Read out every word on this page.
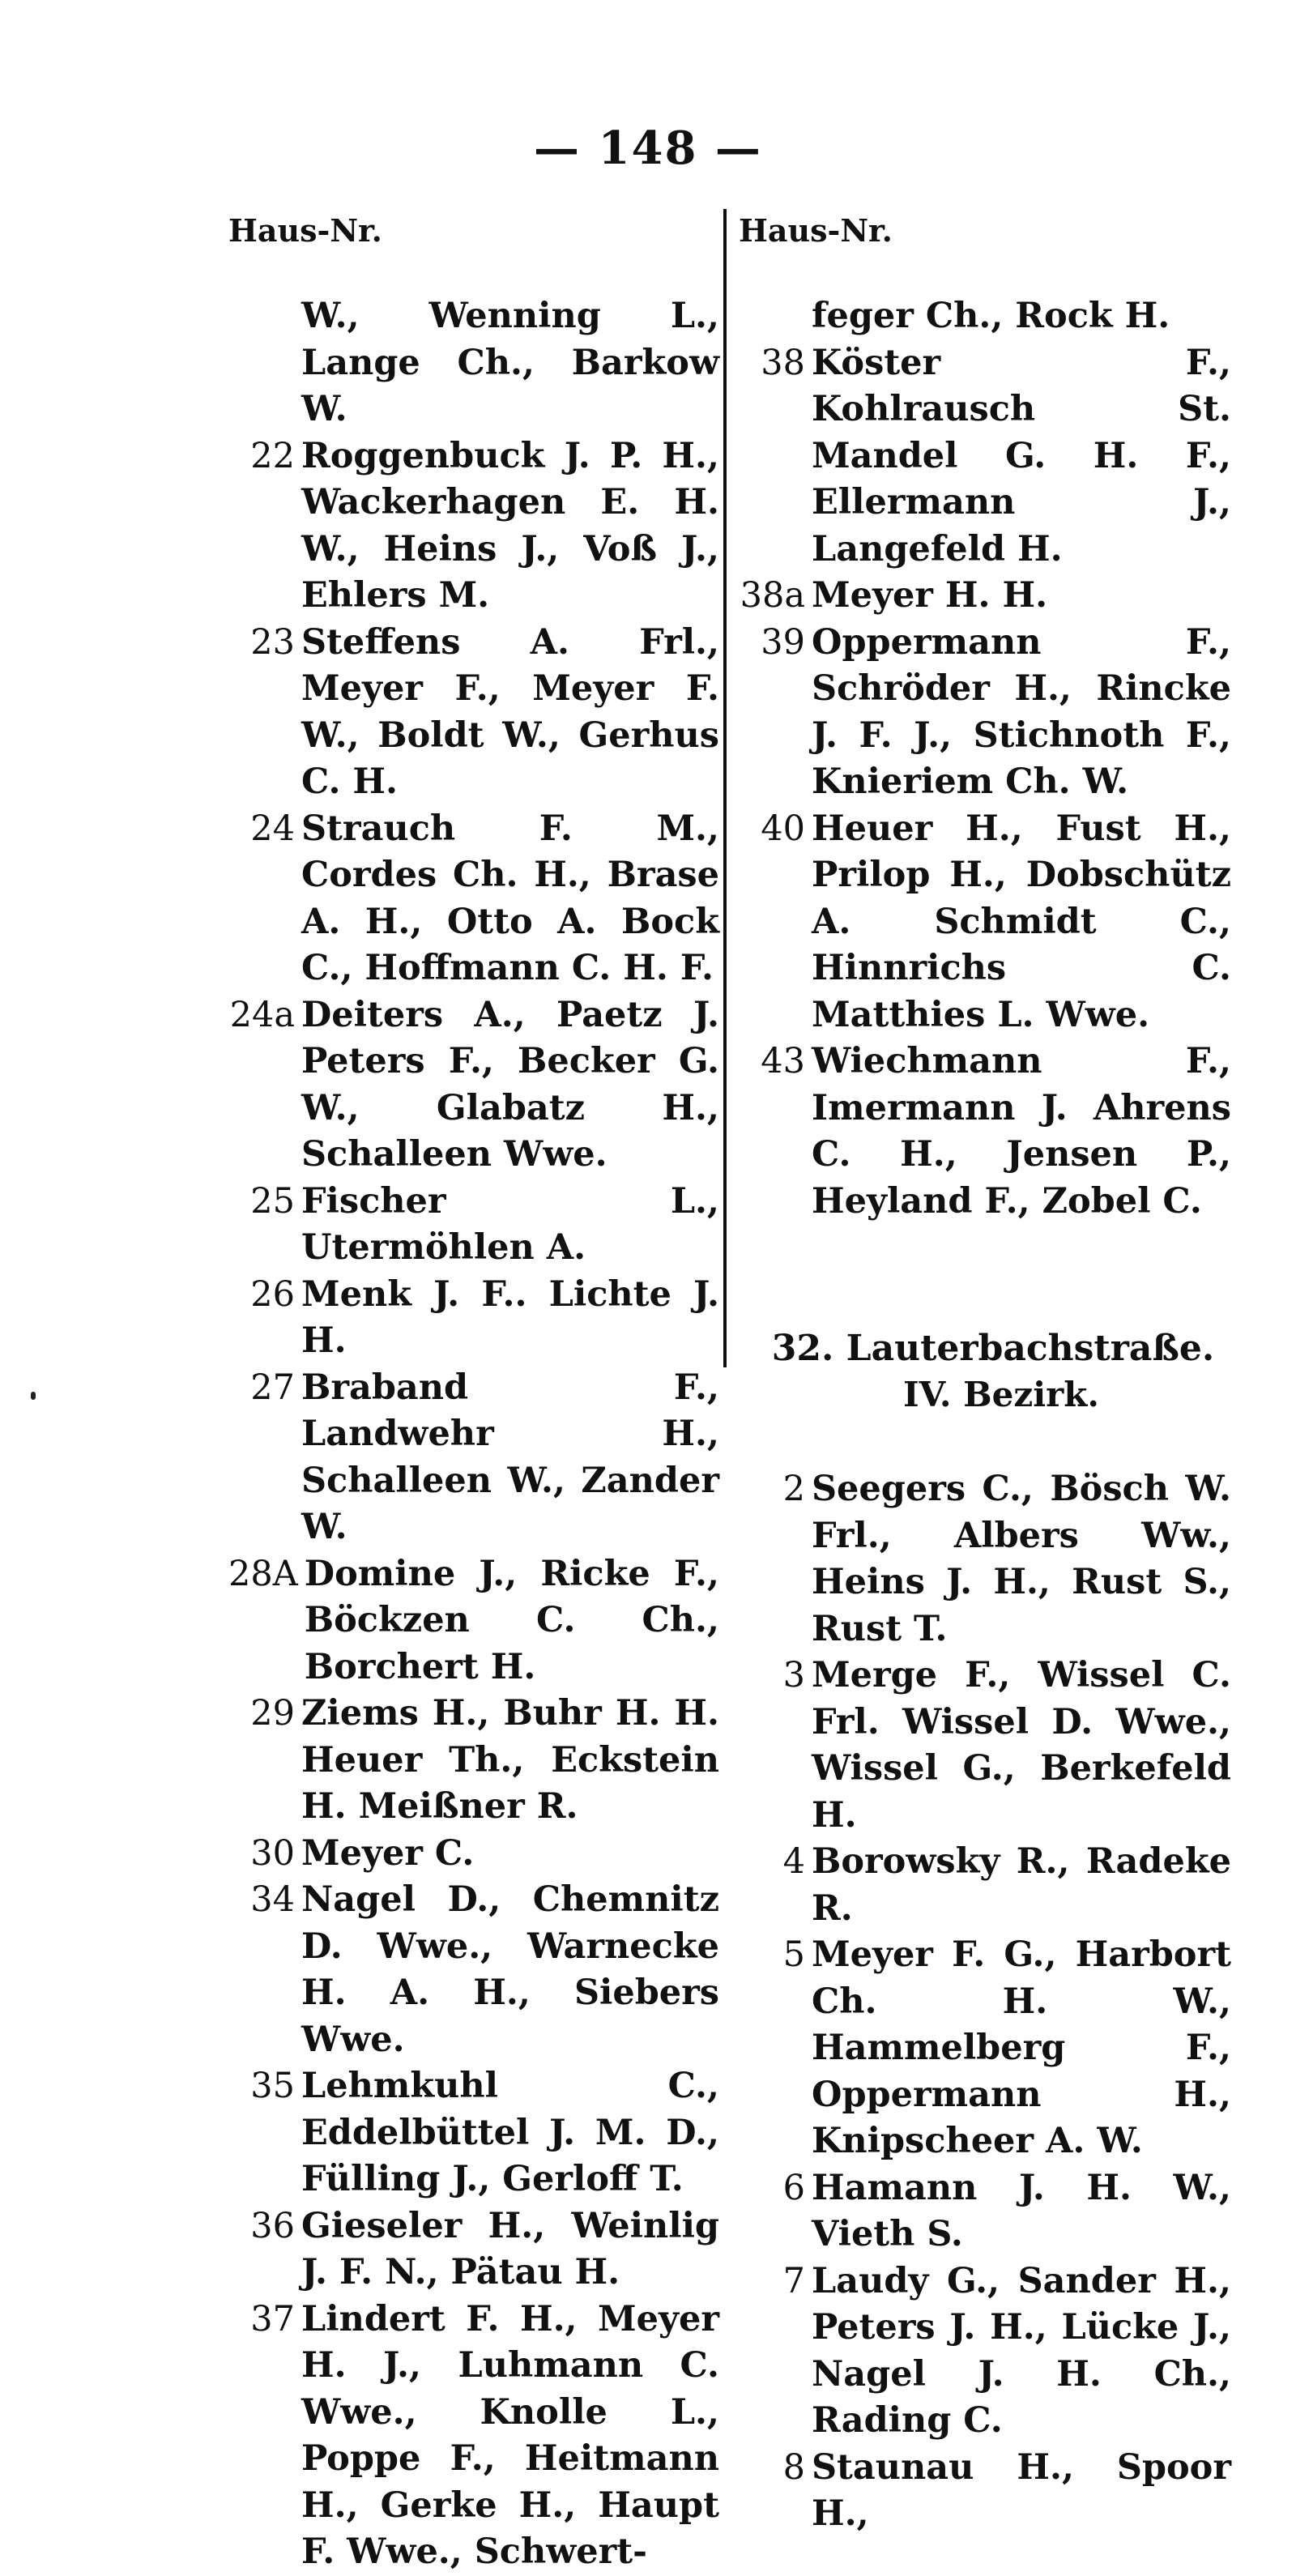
— 148 —
Haus-Nr.	Haus-Nr.
W., Wenning L., Lange Ch., Barkow W.
22 Roggenbuck J. P. H., Wackerhagen E. H. W., Heins J., Voß J., Ehlers M.
23 Steffens A. Frl., Meyer F., Meyer F. W., Boldt W., Gerhus C. H.
24 Strauch F. M., Cordes Ch. H., Brase A. H., Otto A. Bock C., Hoffmann C. H. F.
24a Deiters A., Paetz J. Peters F., Becker G. W., Glabatz H., Schalleen Wwe.
25 Fischer L., Utermöhlen A.
26 Menk J. F.. Lichte J. H.
27 Braband F., Landwehr H., Schalleen W., Zander W.
28A Domine J., Ricke F., Böckzen C. Ch., Borchert H.
29 Ziems H., Buhr H. H. Heuer Th., Eckstein H. Meißner R.
30 Meyer C.
34 Nagel D., Chemnitz D. Wwe., Warnecke H. A. H., Siebers Wwe.
35 Lehmkuhl C., Eddelbüttel J. M. D., Fülling J., Gerloff T.
36 Gieseler H., Weinlig J. F. N., Pätau H.
37 Lindert F. H., Meyer H. J., Luhmann C. Wwe., Knolle L., Poppe F., Heitmann H., Gerke H., Haupt F. Wwe., Schwert-
feger Ch., Rock H.
38 Köster F., Kohlrausch St. Mandel G. H. F., Ellermann J., Langefeld H.
38a Meyer H. H.
39 Oppermann F., Schröder H., Rincke J. F. J., Stichnoth F., Knieriem Ch. W.
40 Heuer H., Fust H., Prilop H., Dobschütz A. Schmidt C., Hinnrichs C. Matthies L. Wwe.
43 Wiechmann F., Imermann J. Ahrens C. H., Jensen P., Heyland F., Zobel C.
32. Lauterbachstraße.
IV. Bezirk.
2 Seegers C., Bösch W. Frl., Albers Ww., Heins J. H., Rust S., Rust T.
3 Merge F., Wissel C. Frl. Wissel D. Wwe., Wissel G., Berkefeld H.
4 Borowsky R., Radeke R.
5 Meyer F. G., Harbort Ch. H. W., Hammelberg F., Oppermann H., Knipscheer A. W.
6 Hamann J. H. W., Vieth S.
7 Laudy G., Sander H., Peters J. H., Lücke J., Nagel J. H. Ch., Rading C.
8 Staunau H., Spoor H.,
